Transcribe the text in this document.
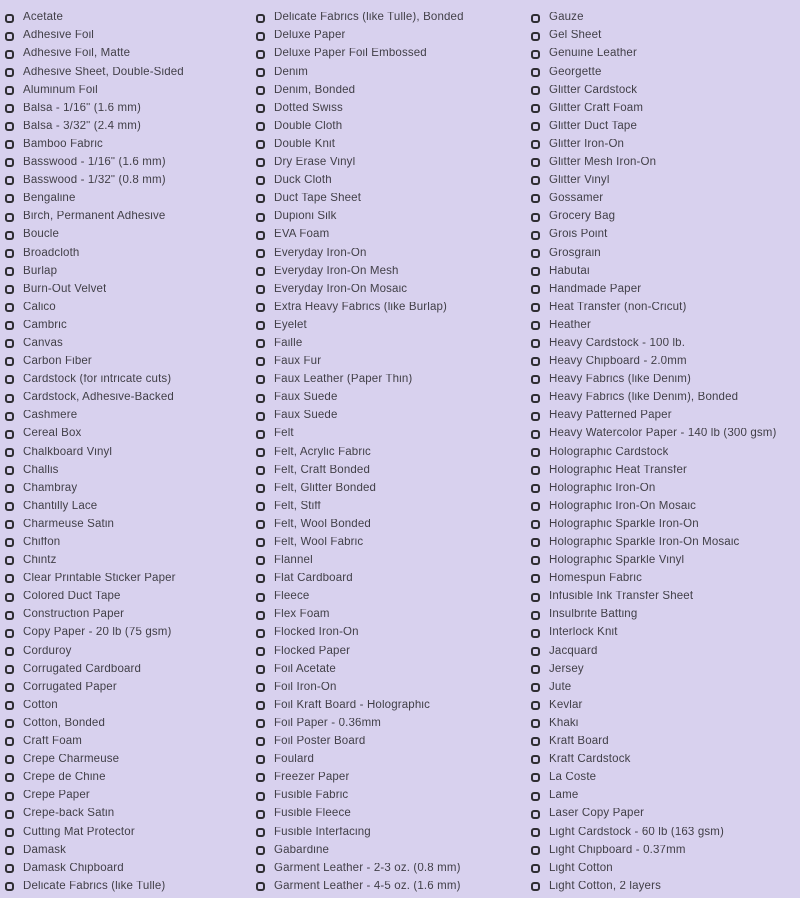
Acetate
Adhesive Foil
Adhesive Foil, Matte
Adhesive Sheet, Double-Sided
Aluminum Foil
Balsa - 1/16" (1.6 mm)
Balsa - 3/32" (2.4 mm)
Bamboo Fabric
Basswood - 1/16" (1.6 mm)
Basswood - 1/32" (0.8 mm)
Bengaline
Birch, Permanent Adhesive
Boucle
Broadcloth
Burlap
Burn-Out Velvet
Calico
Cambric
Canvas
Carbon Fiber
Cardstock (for intricate cuts)
Cardstock, Adhesive-Backed
Cashmere
Cereal Box
Chalkboard Vinyl
Challis
Chambray
Chantilly Lace
Charmeuse Satin
Chiffon
Chintz
Clear Printable Sticker Paper
Colored Duct Tape
Construction Paper
Copy Paper - 20 lb (75 gsm)
Corduroy
Corrugated Cardboard
Corrugated Paper
Cotton
Cotton, Bonded
Craft Foam
Crepe Charmeuse
Crepe de Chine
Crepe Paper
Crepe-back Satin
Cutting Mat Protector
Damask
Damask Chipboard
Delicate Fabrics (like Tulle)
Delicate Fabrics (like Tulle), Bonded
Deluxe Paper
Deluxe Paper Foil Embossed
Denim
Denim, Bonded
Dotted Swiss
Double Cloth
Double Knit
Dry Erase Vinyl
Duck Cloth
Duct Tape Sheet
Dupioni Silk
EVA Foam
Everyday Iron-On
Everyday Iron-On Mesh
Everyday Iron-On Mosaic
Extra Heavy Fabrics (like Burlap)
Eyelet
Faille
Faux Fur
Faux Leather (Paper Thin)
Faux Suede
Faux Suede
Felt
Felt, Acrylic Fabric
Felt, Craft Bonded
Felt, Glitter Bonded
Felt, Stiff
Felt, Wool Bonded
Felt, Wool Fabric
Flannel
Flat Cardboard
Fleece
Flex Foam
Flocked Iron-On
Flocked Paper
Foil Acetate
Foil Iron-On
Foil Kraft Board - Holographic
Foil Paper - 0.36mm
Foil Poster Board
Foulard
Freezer Paper
Fusible Fabric
Fusible Fleece
Fusible Interfacing
Gabardine
Garment Leather - 2-3 oz. (0.8 mm)
Garment Leather - 4-5 oz. (1.6 mm)
Gauze
Gel Sheet
Genuine Leather
Georgette
Glitter Cardstock
Glitter Craft Foam
Glitter Duct Tape
Glitter Iron-On
Glitter Mesh Iron-On
Glitter Vinyl
Gossamer
Grocery Bag
Grois Point
Grosgrain
Habutai
Handmade Paper
Heat Transfer (non-Cricut)
Heather
Heavy Cardstock - 100 lb.
Heavy Chipboard - 2.0mm
Heavy Fabrics (like Denim)
Heavy Fabrics (like Denim), Bonded
Heavy Patterned Paper
Heavy Watercolor Paper - 140 lb (300 gsm)
Holographic Cardstock
Holographic Heat Transfer
Holographic Iron-On
Holographic Iron-On Mosaic
Holographic Sparkle Iron-On
Holographic Sparkle Iron-On Mosaic
Holographic Sparkle Vinyl
Homespun Fabric
Infusible Ink Transfer Sheet
Insulbrite Batting
Interlock Knit
Jacquard
Jersey
Jute
Kevlar
Khaki
Kraft Board
Kraft Cardstock
La Coste
Lame
Laser Copy Paper
Light Cardstock - 60 lb (163 gsm)
Light Chipboard - 0.37mm
Light Cotton
Light Cotton, 2 layers
